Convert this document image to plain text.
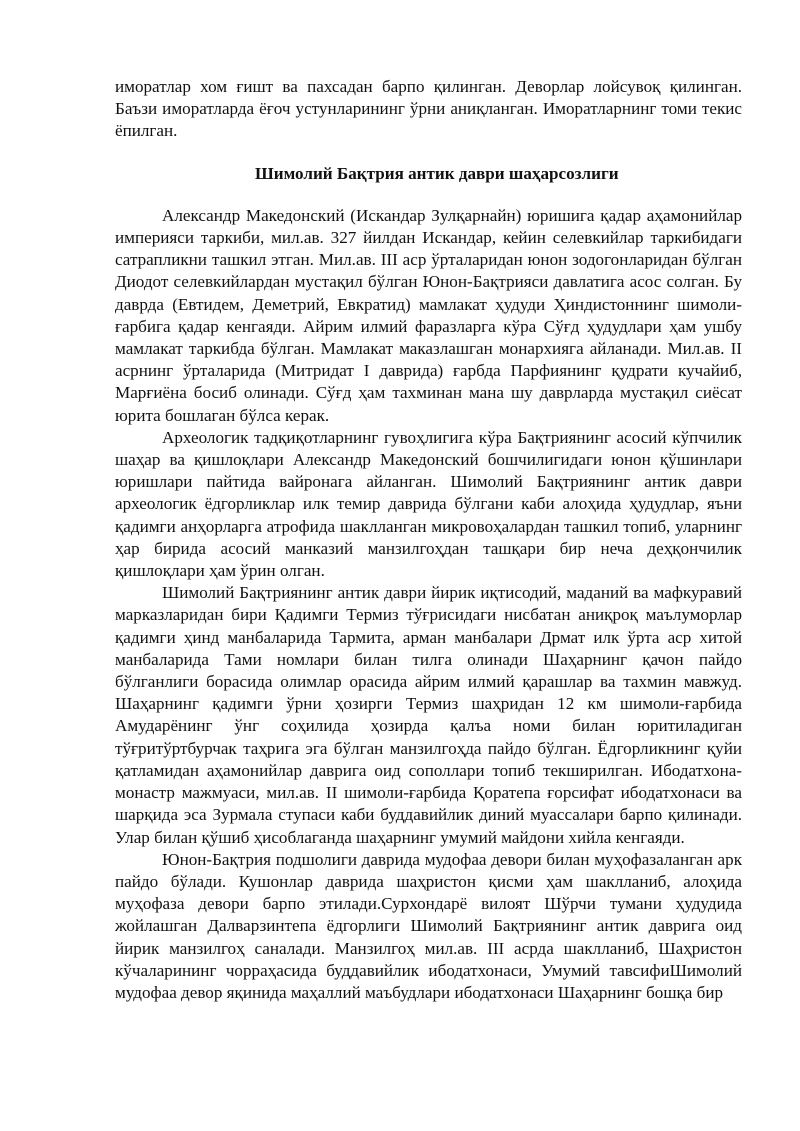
иморатлар хом ғишт ва пахсадан барпо қилинган. Деворлар лойсувоқ қилинган. Баъзи иморатларда ёғоч устунларининг ўрни аниқланган. Иморатларнинг томи текис ёпилган.

Шимолий Бақтрия антик даври шаҳарсозлиги

Александр Македонский (Искандар Зулқарнайн) юришига қадар аҳамонийлар империяси таркиби, мил.ав. 327 йилдан Искандар, кейин селевкийлар таркибидаги сатрапликни ташкил этган. Мил.ав. III аср ўрталаридан юнон зодогонларидан бўлган Диодот селевкийлардан мустақил бўлган Юнон-Бақтрияси давлатига асос солган. Бу даврда (Евтидем, Деметрий, Евкратид) мамлакат ҳудуди Ҳиндистоннинг шимоли-ғарбига қадар кенгаяди. Айрим илмий фаразларга кўра Сўғд ҳудудлари ҳам ушбу мамлакат таркибда бўлган. Мамлакат маказлашган монархияга айланади. Мил.ав. II асрнинг ўрталарида (Митридат I даврида) ғарбда Парфиянинг қудрати кучайиб, Марғиёна босиб олинади. Сўғд ҳам тахминан мана шу даврларда мустақил сиёсат юрита бошлаган бўлса керак.

Археологик тадқиқотларнинг гувоҳлигига кўра Бақтриянинг асосий кўпчилик шаҳар ва қишлоқлари Александр Македонский бошчилигидаги юнон қўшинлари юришлари пайтида вайронага айланган. Шимолий Бақтриянинг антик даври археологик ёдгорликлар илк темир даврида бўлгани каби алоҳида ҳудудлар, яъни қадимги анҳорларга атрофида шаклланган микровоҳалардан ташкил топиб, уларнинг ҳар бирида асосий манказий манзилгоҳдан ташқари бир неча деҳқончилик қишлоқлари ҳам ўрин олган.

Шимолий Бақтриянинг антик даври йирик иқтисодий, маданий ва мафкуравий марказларидан бири Қадимги Термиз тўғрисидаги нисбатан аниқроқ маълуморлар қадимги ҳинд манбаларида Тармита, арман манбалари Дрмат илк ўрта аср хитой манбаларида Тами номлари билан тилга олинади Шаҳарнинг қачон пайдо бўлганлиги борасида олимлар орасида айрим илмий қарашлар ва тахмин мавжуд. Шаҳарнинг қадимги ўрни ҳозирги Термиз шаҳридан 12 км шимоли-ғарбида Амударёнинг ўнг соҳилида ҳозирда қалъа номи билан юритиладиган тўғритўртбурчак таҳрига эга бўлган манзилгоҳда пайдо бўлган. Ёдгорликнинг қуйи қатламидан аҳамонийлар даврига оид сополлари топиб текширилган. Ибодатхона-монастр мажмуаси, мил.ав. II шимоли-ғарбида Қоратепа ғорсифат ибодатхонаси ва шарқида эса Зурмала ступаси каби буддавийлик диний муассалари барпо қилинади. Улар билан қўшиб ҳисоблаганда шаҳарнинг умумий майдони хийла кенгаяди.

Юнон-Бақтрия подшолиги даврида мудофаа девори билан муҳофазаланган арк пайдо бўлади. Кушонлар даврида шаҳристон қисми ҳам шаклланиб, алоҳида муҳофаза девори барпо этилади.Сурхондарё вилоят Шўрчи тумани ҳудудида жойлашган Далварзинтепа ёдгорлиги Шимолий Бақтриянинг антик даврига оид йирик манзилгоҳ саналади. Манзилгоҳ мил.ав. III асрда шаклланиб, Шаҳристон кўчаларининг чорраҳасида буддавийлик ибодатхонаси, Умумий тавсифиШимолий мудофаа девор яқинида маҳаллий маъбудлари ибодатхонаси Шаҳарнинг бошқа бир
